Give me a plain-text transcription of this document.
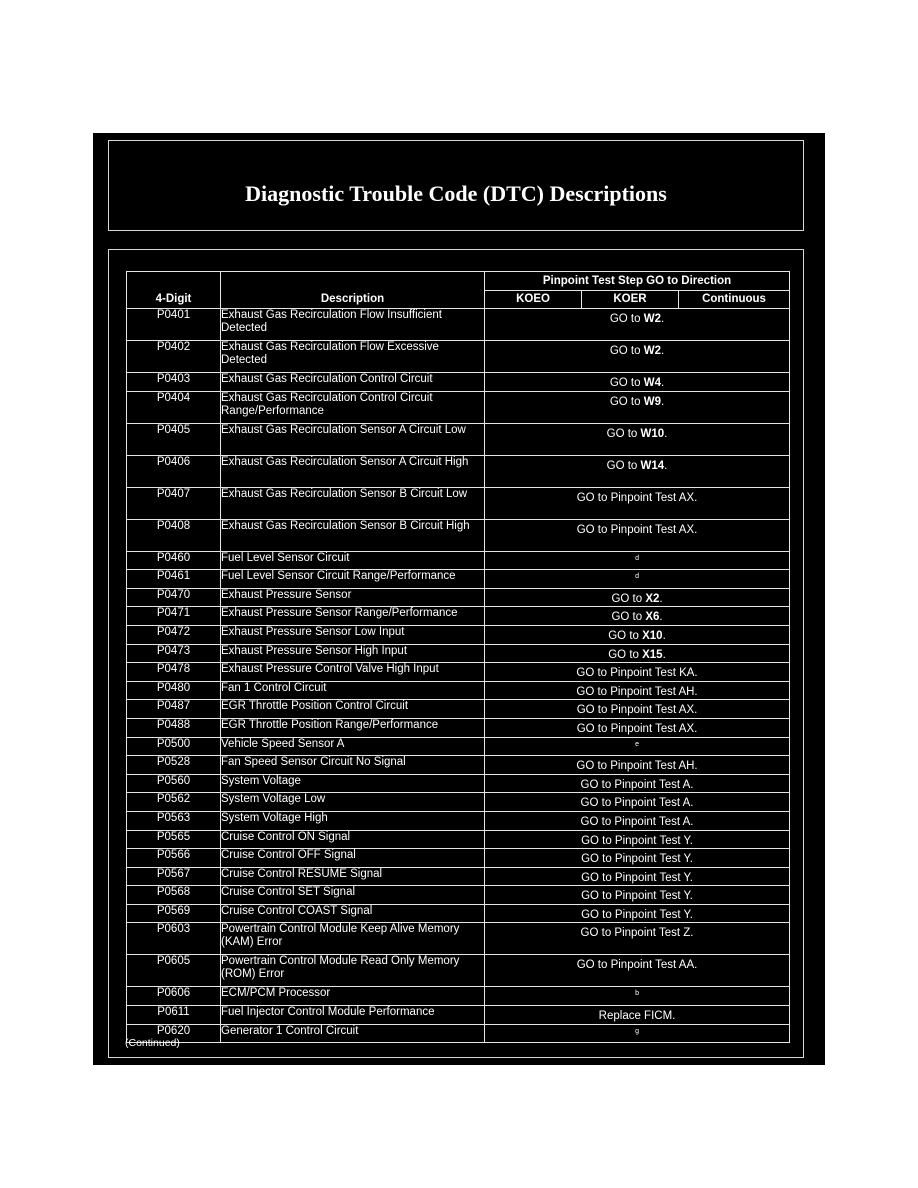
Diagnostic Trouble Code (DTC) Descriptions
4-Digit	Description	Pinpoint Test Step GO to Direction		
		KOEO	KOER	Continuous
P0401	Exhaust Gas Recirculation Flow Insufficient Detected	GO to W2.		
P0402	Exhaust Gas Recirculation Flow Excessive Detected	GO to W2.		
P0403	Exhaust Gas Recirculation Control Circuit	GO to W4.		
P0404	Exhaust Gas Recirculation Control Circuit Range/Performance	GO to W9.		
P0405	Exhaust Gas Recirculation Sensor A Circuit Low	GO to W10.		
P0406	Exhaust Gas Recirculation Sensor A Circuit High	GO to W14.		
P0407	Exhaust Gas Recirculation Sensor B Circuit Low	GO to Pinpoint Test AX.		
P0408	Exhaust Gas Recirculation Sensor B Circuit High	GO to Pinpoint Test AX.		
P0460	Fuel Level Sensor Circuit	$^d$
P0461	Fuel Level Sensor Circuit Range/Performance	$^d$
P0470	Exhaust Pressure Sensor	GO to X2.		
P0471	Exhaust Pressure Sensor Range/Performance	GO to X6.		
P0472	Exhaust Pressure Sensor Low Input	GO to X10.		
P0473	Exhaust Pressure Sensor High Input	GO to X15.		
P0478	Exhaust Pressure Control Valve High Input	GO to Pinpoint Test KA.		
P0480	Fan 1 Control Circuit	GO to Pinpoint Test AH.		
P0487	EGR Throttle Position Control Circuit	GO to Pinpoint Test AX.		
P0488	EGR Throttle Position Range/Performance	GO to Pinpoint Test AX.		
P0500	Vehicle Speed Sensor A	$^e$
P0528	Fan Speed Sensor Circuit No Signal	GO to Pinpoint Test AH.		
P0560	System Voltage	GO to Pinpoint Test A.		
P0562	System Voltage Low	GO to Pinpoint Test A.		
P0563	System Voltage High	GO to Pinpoint Test A.		
P0565	Cruise Control ON Signal	GO to Pinpoint Test Y.		
P0566	Cruise Control OFF Signal	GO to Pinpoint Test Y.		
P0567	Cruise Control RESUME Signal	GO to Pinpoint Test Y.		
P0568	Cruise Control SET Signal	GO to Pinpoint Test Y.		
P0569	Cruise Control COAST Signal	GO to Pinpoint Test Y.		
P0603	Powertrain Control Module Keep Alive Memory (KAM) Error	GO to Pinpoint Test Z.		
P0605	Powertrain Control Module Read Only Memory (ROM) Error	GO to Pinpoint Test AA.		
P0606	ECM/PCM Processor	$^b$
P0611	Fuel Injector Control Module Performance	Replace FICM.		
P0620	Generator 1 Control Circuit	$^g$
(Continued)
